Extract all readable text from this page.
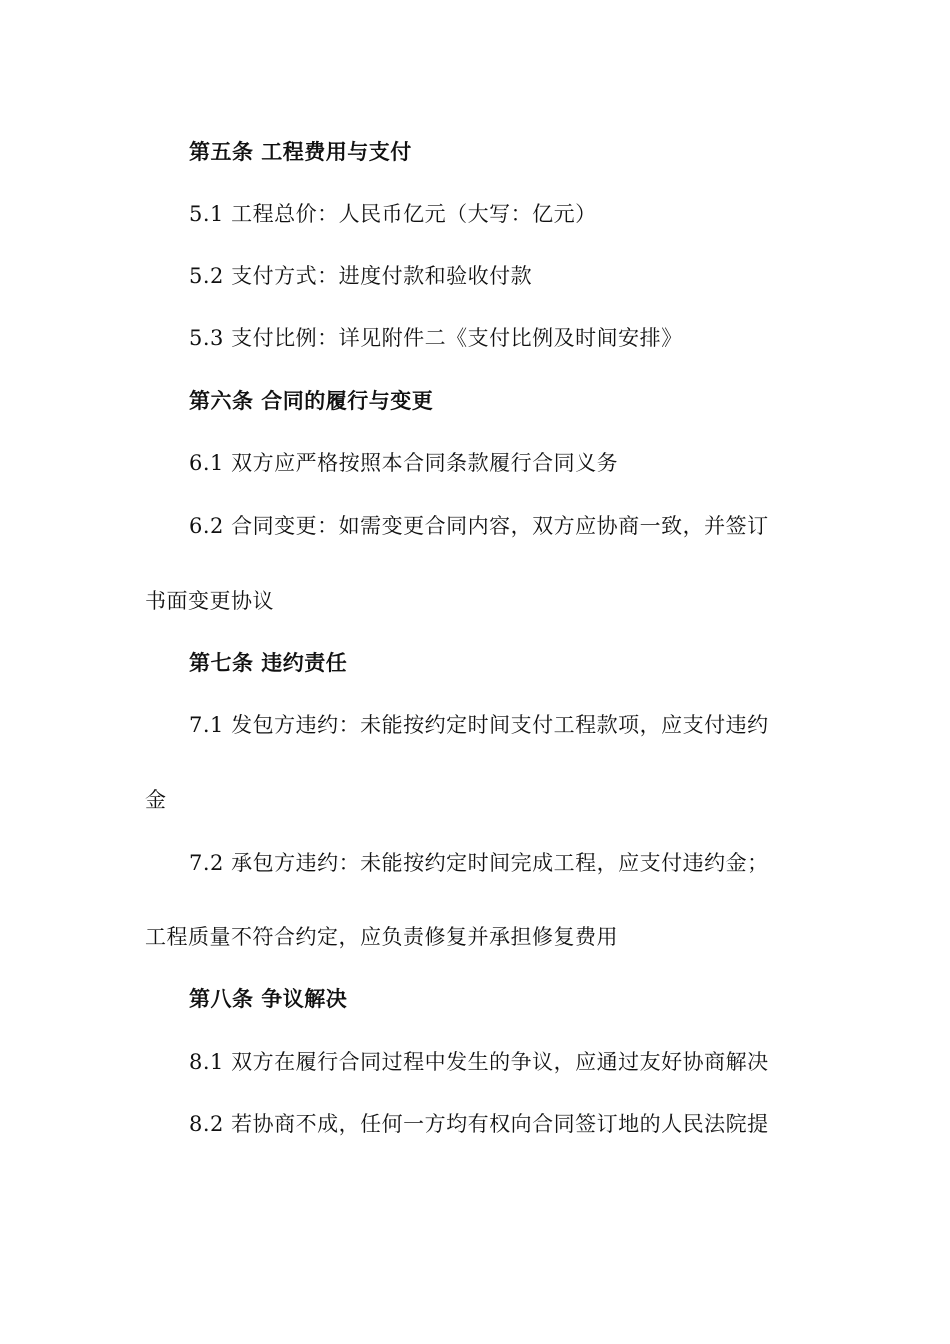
第五条 工程费用与支付
5.1 工程总价：人民币亿元（大写：亿元）
5.2 支付方式：进度付款和验收付款
5.3 支付比例：详见附件二《支付比例及时间安排》
第六条 合同的履行与变更
6.1 双方应严格按照本合同条款履行合同义务
6.2 合同变更：如需变更合同内容，双方应协商一致，并签订
书面变更协议
第七条 违约责任
7.1 发包方违约：未能按约定时间支付工程款项，应支付违约
金
7.2 承包方违约：未能按约定时间完成工程，应支付违约金；
工程质量不符合约定，应负责修复并承担修复费用
第八条 争议解决
8.1 双方在履行合同过程中发生的争议，应通过友好协商解决
8.2 若协商不成，任何一方均有权向合同签订地的人民法院提
